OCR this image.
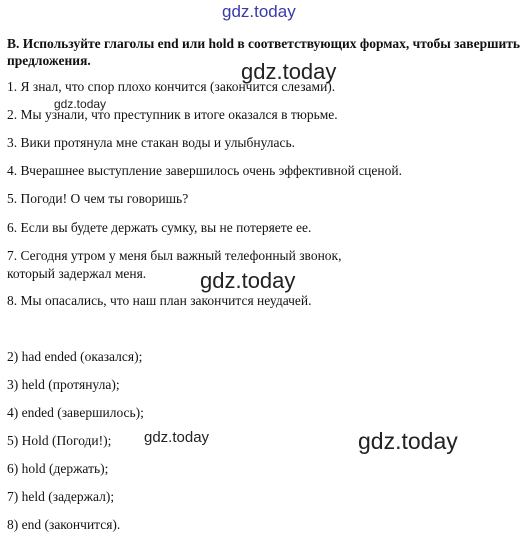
gdz.today
gdz.today
gdz.today
gdz.today
gdz.today	gdz.today
B. Используйте глаголы end или hold в соответствующих формах, чтобы завершить предложения.
1. Я знал, что спор плохо кончится (закончится слезами).
2. Мы узнали, что преступник в итоге оказался в тюрьме.
3. Вики протянула мне стакан воды и улыбнулась.
4. Вчерашнее выступление завершилось очень эффективной сценой.
5. Погоди! О чем ты говоришь?
6. Если вы будете держать сумку, вы не потеряете ее.
7. Сегодня утром у меня был важный телефонный звонок,
который задержал меня.
8. Мы опасались, что наш план закончится неудачей.
2) had ended (оказался);
3) held (протянула);
4) ended (завершилось);
5) Hold (Погоди!);
6) hold (держать);
7) held (задержал);
8) end (закончится).
